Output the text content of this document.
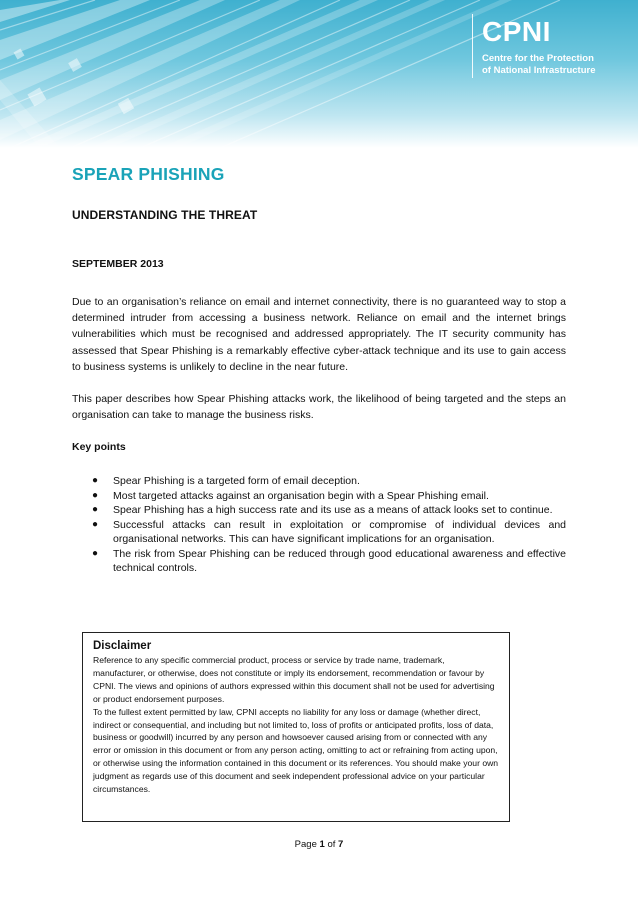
CPNI
Centre for the Protection
of National Infrastructure
SPEAR PHISHING
UNDERSTANDING THE THREAT
SEPTEMBER 2013

Due to an organisation’s reliance on email and internet connectivity, there is no guaranteed way to stop a determined intruder from accessing a business network. Reliance on email and the internet brings vulnerabilities which must be recognised and addressed appropriately. The IT security community has assessed that Spear Phishing is a remarkably effective cyber-attack technique and its use to gain access to business systems is unlikely to decline in the near future.

This paper describes how Spear Phishing attacks work, the likelihood of being targeted and the steps an organisation can take to manage the business risks.

Key points
● Spear Phishing is a targeted form of email deception.
● Most targeted attacks against an organisation begin with a Spear Phishing email.
● Spear Phishing has a high success rate and its use as a means of attack looks set to continue.
● Successful attacks can result in exploitation or compromise of individual devices and organisational networks. This can have significant implications for an organisation.
● The risk from Spear Phishing can be reduced through good educational awareness and effective technical controls.
Disclaimer

Reference to any specific commercial product, process or service by trade name, trademark, manufacturer, or otherwise, does not constitute or imply its endorsement, recommendation or favour by CPNI. The views and opinions of authors expressed within this document shall not be used for advertising or product endorsement purposes.

To the fullest extent permitted by law, CPNI accepts no liability for any loss or damage (whether direct, indirect or consequential, and including but not limited to, loss of profits or anticipated profits, loss of data, business or goodwill) incurred by any person and howsoever caused arising from or connected with any error or omission in this document or from any person acting, omitting to act or refraining from acting upon, or otherwise using the information contained in this document or its references. You should make your own judgment as regards use of this document and seek independent professional advice on your particular circumstances.

Page 1 of 7
